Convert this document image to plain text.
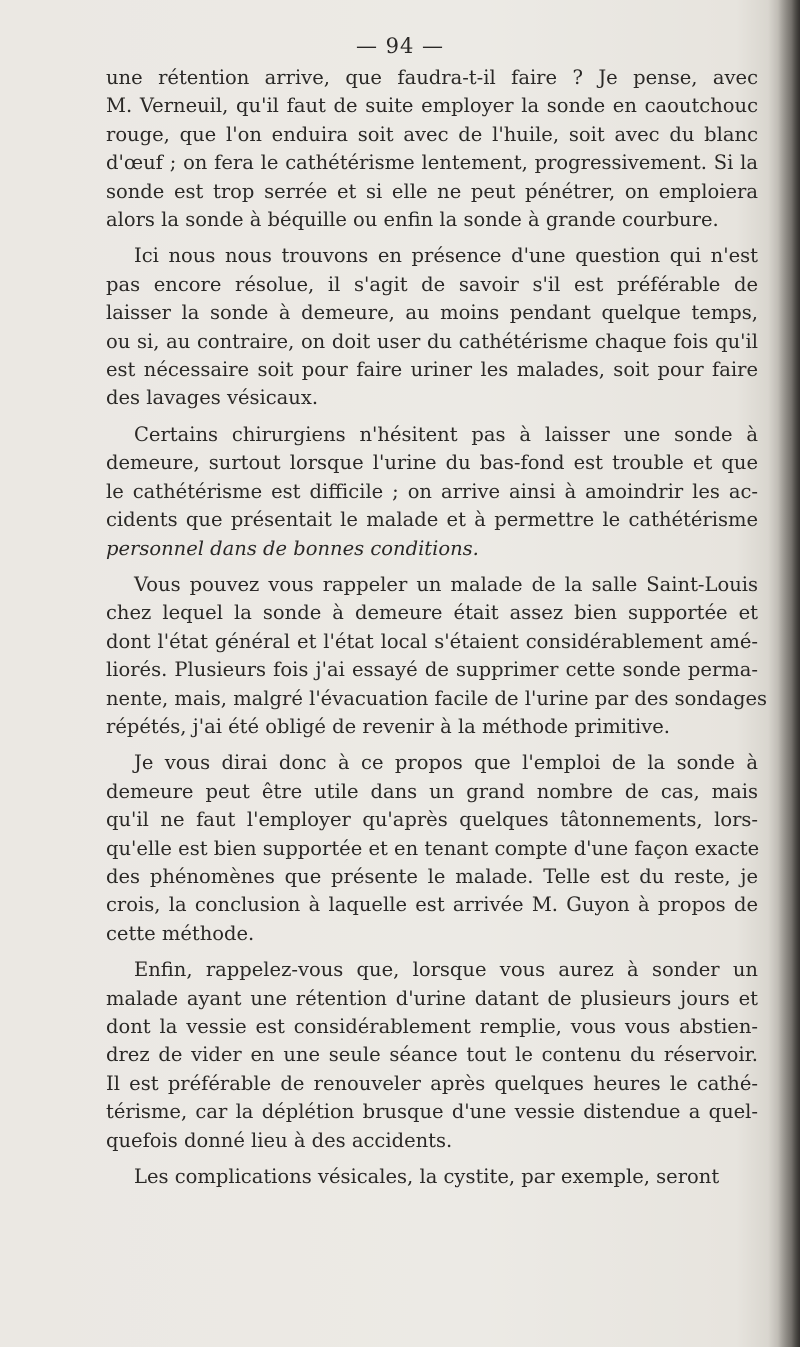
— 94 —

une rétention arrive, que faudra-t-il faire ? Je pense, avec
M. Verneuil, qu'il faut de suite employer la sonde en caoutchouc
rouge, que l'on enduira soit avec de l'huile, soit avec du blanc
d'œuf ; on fera le cathétérisme lentement, progressivement. Si la
sonde est trop serrée et si elle ne peut pénétrer, on emploiera
alors la sonde à béquille ou enfin la sonde à grande courbure.

Ici nous nous trouvons en présence d'une question qui n'est
pas encore résolue, il s'agit de savoir s'il est préférable de
laisser la sonde à demeure, au moins pendant quelque temps,
ou si, au contraire, on doit user du cathétérisme chaque fois qu'il
est nécessaire soit pour faire uriner les malades, soit pour faire
des lavages vésicaux.

Certains chirurgiens n'hésitent pas à laisser une sonde à
demeure, surtout lorsque l'urine du bas-fond est trouble et que
le cathétérisme est difficile ; on arrive ainsi à amoindrir les ac-
cidents que présentait le malade et à permettre le cathétérisme
personnel dans de bonnes conditions.

Vous pouvez vous rappeler un malade de la salle Saint-Louis
chez lequel la sonde à demeure était assez bien supportée et
dont l'état général et l'état local s'étaient considérablement amé-
liorés. Plusieurs fois j'ai essayé de supprimer cette sonde perma-
nente, mais, malgré l'évacuation facile de l'urine par des sondages
répétés, j'ai été obligé de revenir à la méthode primitive.

Je vous dirai donc à ce propos que l'emploi de la sonde à
demeure peut être utile dans un grand nombre de cas, mais
qu'il ne faut l'employer qu'après quelques tâtonnements, lors-
qu'elle est bien supportée et en tenant compte d'une façon exacte
des phénomènes que présente le malade. Telle est du reste, je
crois, la conclusion à laquelle est arrivée M. Guyon à propos de
cette méthode.

Enfin, rappelez-vous que, lorsque vous aurez à sonder un
malade ayant une rétention d'urine datant de plusieurs jours et
dont la vessie est considérablement remplie, vous vous abstien-
drez de vider en une seule séance tout le contenu du réservoir.
Il est préférable de renouveler après quelques heures le cathé-
térisme, car la déplétion brusque d'une vessie distendue a quel-
quefois donné lieu à des accidents.

Les complications vésicales, la cystite, par exemple, seront
